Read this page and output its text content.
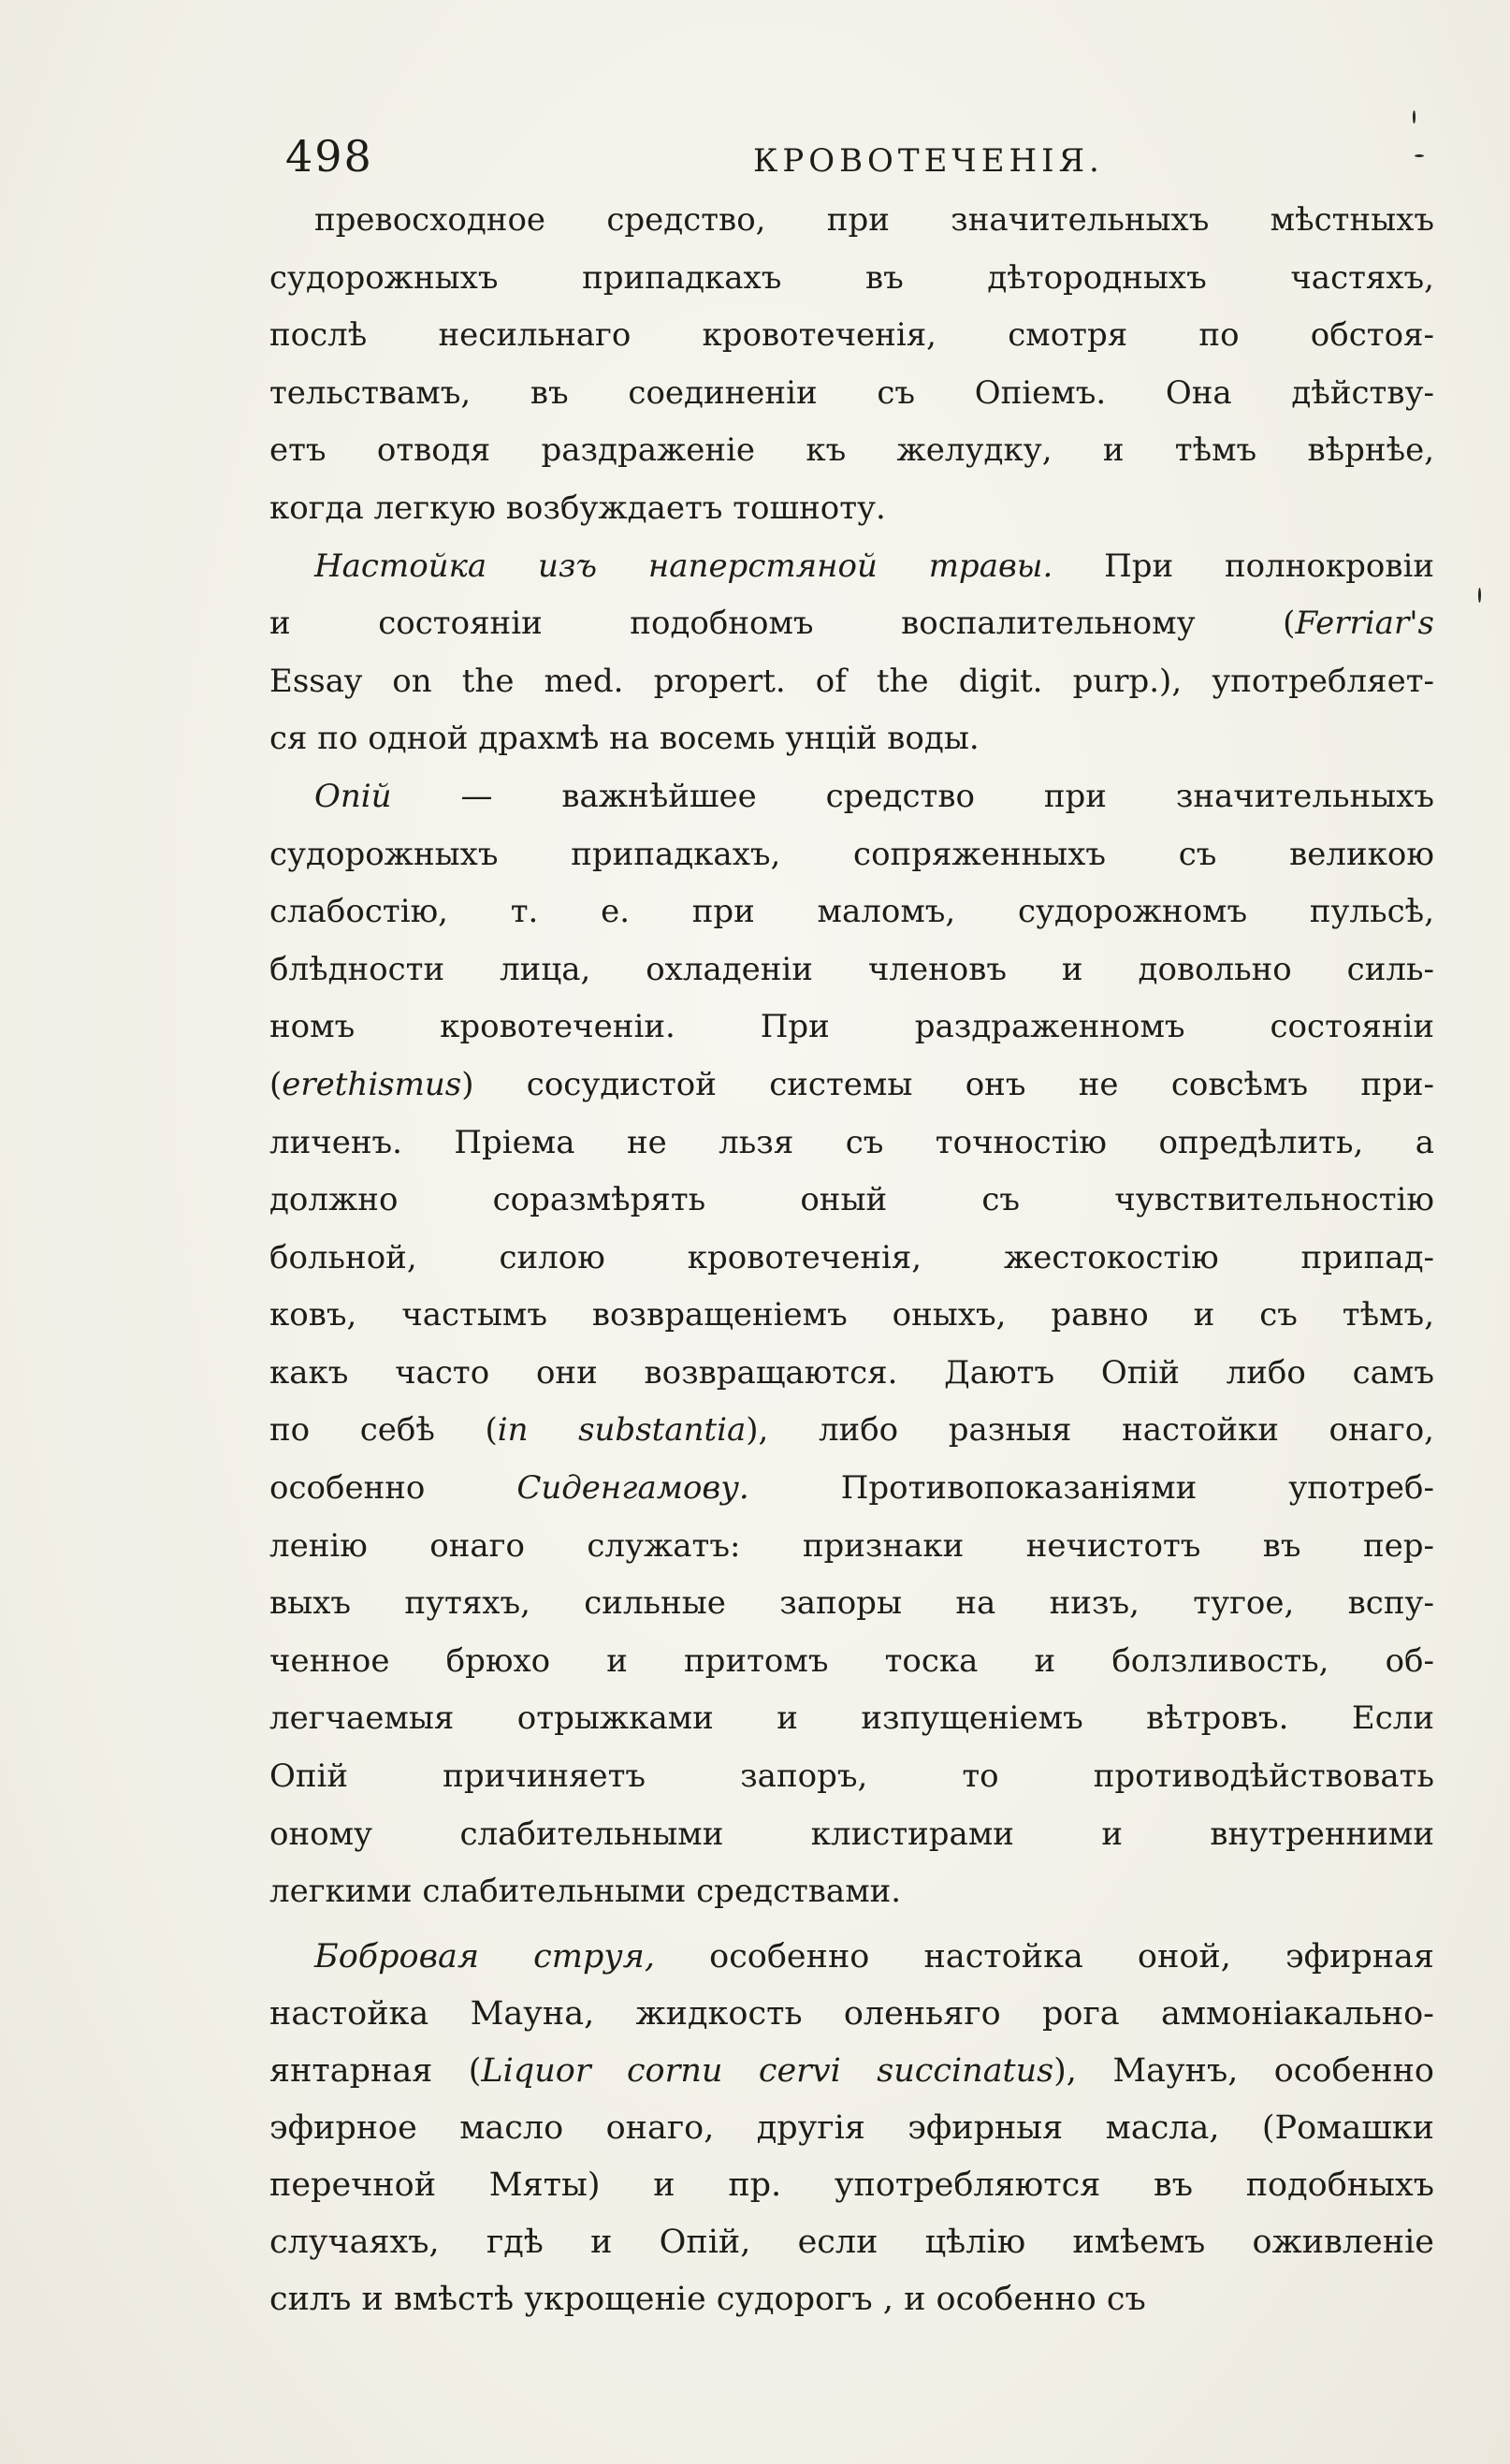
498	КРОВОТЕЧЕНІЯ.
превосходное средство, при значительныхъ мѣстныхъ
судорожныхъ припадкахъ въ дѣтородныхъ частяхъ,
послѣ несильнаго кровотеченія, смотря по обстоя-
тельствамъ, въ соединеніи съ Опіемъ. Она дѣйству-
етъ отводя раздраженіе къ желудку, и тѣмъ вѣрнѣе,
когда легкую возбуждаетъ тошноту.
Настойка изъ наперстяной травы. При полнокровіи
и состояніи подобномъ воспалительному (Ferriar's
Essay on the med. propert. of the digit. purp.), употребляет-
ся по одной драхмѣ на восемь унцій воды.
Опій — важнѣйшее средство при значительныхъ
судорожныхъ припадкахъ, сопряженныхъ съ великою
слабостію, т. е. при маломъ, судорожномъ пульсѣ,
блѣдности лица, охладеніи членовъ и довольно силь-
номъ кровотеченіи. При раздраженномъ состояніи
(erethismus) сосудистой системы онъ не совсѣмъ при-
личенъ. Пріема не льзя съ точностію опредѣлить, а
должно соразмѣрять оный съ чувствительностію
больной, силою кровотеченія, жестокостію припад-
ковъ, частымъ возвращеніемъ оныхъ, равно и съ тѣмъ,
какъ часто они возвращаются. Даютъ Опій либо самъ
по себѣ (in substantia), либо разныя настойки онаго,
особенно Сиденгамову. Противопоказаніями употреб-
ленію онаго служатъ: признаки нечистотъ въ пер-
выхъ путяхъ, сильные запоры на низъ, тугое, вспу-
ченное брюхо и притомъ тоска и болзливость, об-
легчаемыя отрыжками и изпущеніемъ вѣтровъ. Если
Опій причиняетъ запоръ, то противодѣйствовать
оному слабительными клистирами и внутренними
легкими слабительными средствами.
Бобровая струя, особенно настойка оной, эфирная
настойка Мауна, жидкость оленьяго рога аммоніакально-
янтарная (Liquor cornu cervi succinatus), Маунъ, особенно
эфирное масло онаго, другія эфирныя масла, (Ромашки
перечной Мяты) и пр. употребляются въ подобныхъ
случаяхъ, гдѣ и Опій, если цѣлію имѣемъ оживленіе
силъ и вмѣстѣ укрощеніе судорогъ , и особенно съ
